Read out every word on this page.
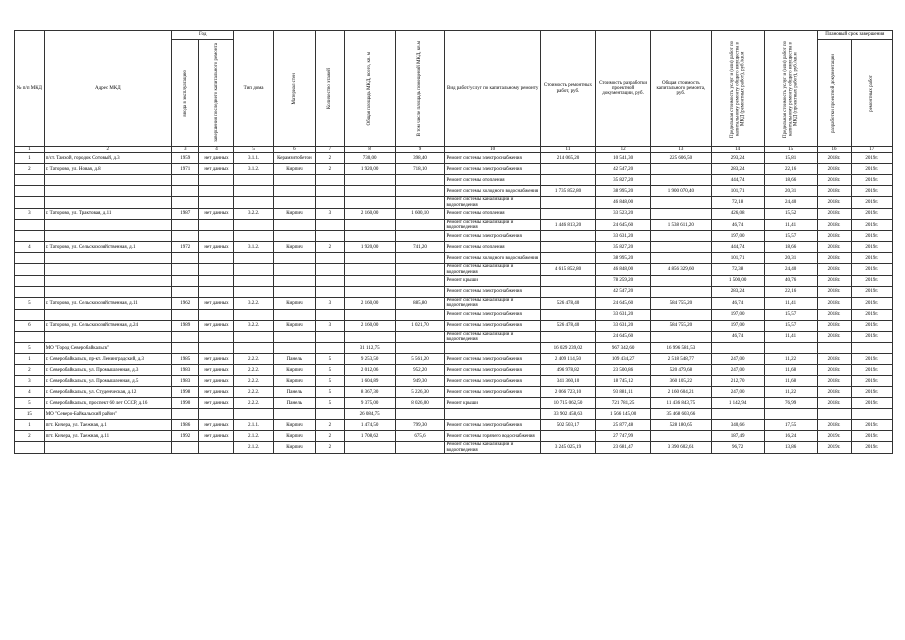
№ п/п МКД	Адрес МКД	Год		Тип дома	Материал стен	Количество этажей	Общая площадь МКД, всего, кв. м	В том числе площадь помещений МКД, кв.м	Вид работ/услуг по капитальному ремонту	Стоимость ремонтных работ, руб.	Стоимость разработки проектной документации, руб.	Общая стоимость капитального ремонта, руб.	Предельная стоимость услуг и (или) работ по капитальному ремонту общего имущества в МКД (ремонтных работ), руб./кв.м	Предельная стоимость услуг и (или) работ по капитальному ремонту общего имущества в МКД (проектных работ), руб./кв.м	Плановый срок завершения	

		ввода в эксплуатацию	завершения последнего капитального ремонта												разработки проектной документации	ремонтных работ

1	2	3	4	5	6	7	8	9	10	11	12	13	14	15	16	17
1	п/ст. Танхой, городок Сотовый, д.3	1959	нет данных	3.1.1.	Керамзитобетон	2	730,00	398,40	Ремонт системы электроснабжения	214 065,20	10 541,30	225 606,50	293,24	15,81	2018г.	2019г.
2	г. Таторово, ул. Новая, д.8	1971	нет данных	3.1.2.	Кирпич	2	1 920,00	718,10	Ремонт системы электроснабжения		42 547,20		283,24	22,16	2018г.	2019г.
									Ремонт системы отопления		35 827,20		444,74	18,66	2018г.	2019г.
									Ремонт системы холодного водоснабжения	1 735 852,80	38 995,20	1 900 070,40	101,71	20,31	2018г.	2019г.
									Ремонт системы канализации и водоотведения		46 848,00		72,18	24,40	2018г.	2019г.
3	г. Таторово, ул. Трактовая, д.11	1987	нет данных	3.2.2.	Кирпич	3	2 160,00	1 600,10	Ремонт системы отопления		33 523,20		426,08	15,52	2018г.	2019г.
									Ремонт системы канализации и водоотведения	1 446 813,20	24 645,60	1 538 611,20	46,74	11,41	2018г.	2019г.
									Ремонт системы электроснабжения		33 631,20		197,00	15,57	2018г.	2019г.
4	г. Таторово, ул. Сельскохозяйственная, д.1	1972	нет данных	3.1.2.	Кирпич	2	1 920,00	741,20	Ремонт системы отопления		35 827,20		444,74	18,66	2018г.	2019г.
									Ремонт системы холодного водоснабжения		38 995,20		101,71	20,31	2018г.	2019г.
									Ремонт системы канализации и водоотведения	4 615 852,80	46 848,00	4 856 329,60	72,38	24,40	2018г.	2019г.
									Ремонт крыши		78 259,20		1 500,00	40,76	2018г.	2019г.
									Ремонт системы электроснабжения		42 547,20		283,24	22,16	2018г.	2019г.
5	г. Таторово, ул. Сельскохозяйственная, д.11	1962	нет данных	3.2.2.	Кирпич	3	2 160,00	885,80	Ремонт системы канализации и водоотведения	526 478,40	24 645,60	584 755,20	46,74	11,41	2018г.	2019г.
									Ремонт системы электроснабжения		33 631,20		197,00	15,57	2018г.	2019г.
6	г. Таторово, ул. Сельскохозяйственная, д.24	1989	нет данных	3.2.2.	Кирпич	3	2 160,00	1 021,70	Ремонт системы электроснабжения	526 478,40	33 631,20	584 755,20	197,00	15,57	2018г.	2019г.
									Ремонт системы канализации и водоотведения		24 645,60		46,74	11,41	2018г.	2019г.
5	МО "Город Северобайкальск"						31 112,75			16 029 239,02	967 342,60	16 996 581,53				
1	г. Северобайкальск, пр-кт. Ленинградский, д.3	1985	нет данных	2.2.2.	Панель	5	9 253,50	5 561,20	Ремонт системы электроснабжения	2 409 114,50	109 434,27	2 518 548,77	247,00	11,22	2018г.	2019г.
2	г. Северобайкальск, ул. Промышленная, д.3	1983	нет данных	2.2.2.	Кирпич	5	2 012,06	952,20	Ремонт системы электроснабжения	496 978,82	23 500,86	520 479,68	247,00	11,68	2018г.	2019г.
3	г. Северобайкальск, ул. Промышленная, д.5	1983	нет данных	2.2.2.	Кирпич	5	1 604,89	949,30	Ремонт системы электроснабжения	341 360,10	18 745,12	360 105,22	212,70	11,68	2018г.	2019г.
4	г. Северобайкальск, ул. Студенческая, д.12	1998	нет данных	2.2.2.	Панель	5	8 367,30	5 226,30	Ремонт системы электроснабжения	2 066 723,10	93 881,11	2 160 604,21	247,00	11,22	2018г.	2019г.
5	г. Северобайкальск, проспект 60 лет СССР, д.16	1990	нет данных	2.2.2.	Панель	5	9 375,00	8 026,00	Ремонт крыши	10 715 062,50	721 781,25	11 436 843,75	1 142,94	76,99	2018г.	2019г.
15	МО "Северо-Байкальский район"						26 084,75			33 902 458,63	1 566 145,00	35 468 603,66				
1	пгт. Кичера, ул. Таежная, д.1	1986	нет данных	2.1.1.	Кирпич	2	1 474,50	799,30	Ремонт системы электроснабжения	502 503,17	25 877,48	528 180,65	340,66	17,55	2018г.	2019г.
2	пгт. Кичера, ул. Таежная, д.11	1992	нет данных	2.1.2.	Кирпич	2	1 708,62	675,6	Ремонт системы горячего водоснабжения		27 747,99		187,49	16,24	2019г.	2019г.
				2.1.2.	Кирпич	2			Ремонт системы канализации и водоотведения	3 245 025,19	23 681,47	3 390 602,61	96,72	13,86	2019г.	2019г.
